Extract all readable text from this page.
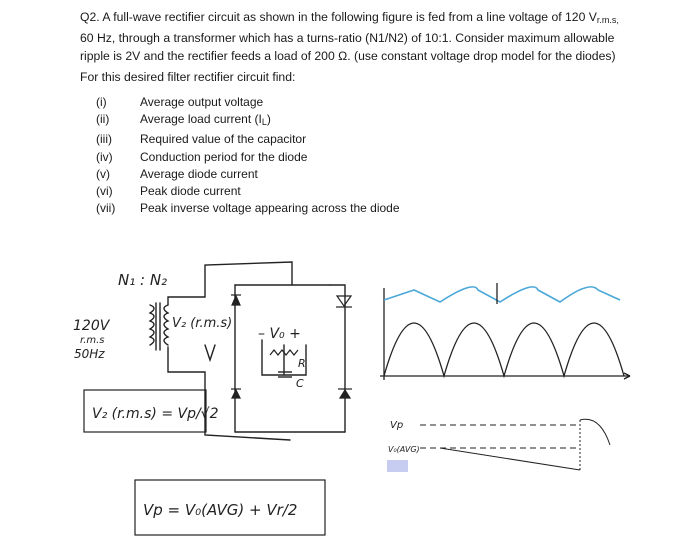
Q2. A full-wave rectifier circuit as shown in the following figure is fed from a line voltage of 120 $V_{r.m.s,}$

60 Hz, through a transformer which has a turns-ratio (N1/N2) of 10:1. Consider maximum allowable

ripple is 2V and the rectifier feeds a load of 200 Ω. (use constant voltage drop model for the diodes)

For this desired filter rectifier circuit find:
(i)	Average output voltage
(ii)	Average load current $(I_L)$
(iii)	Required value of the capacitor
(iv)	Conduction period for the diode
(v)	Average diode current
(vi)	Peak diode current
(vii)	Peak inverse voltage appearing across the diode
N₁ : N₂
120V
r.m.s
50Hz
V₂ (r.m.s)
– V₀ +
R
C
V₂ (r.m.s) = Vp/√2
Vp = V₀(AVG) + Vr/2
Vp
V₀(AVG)
